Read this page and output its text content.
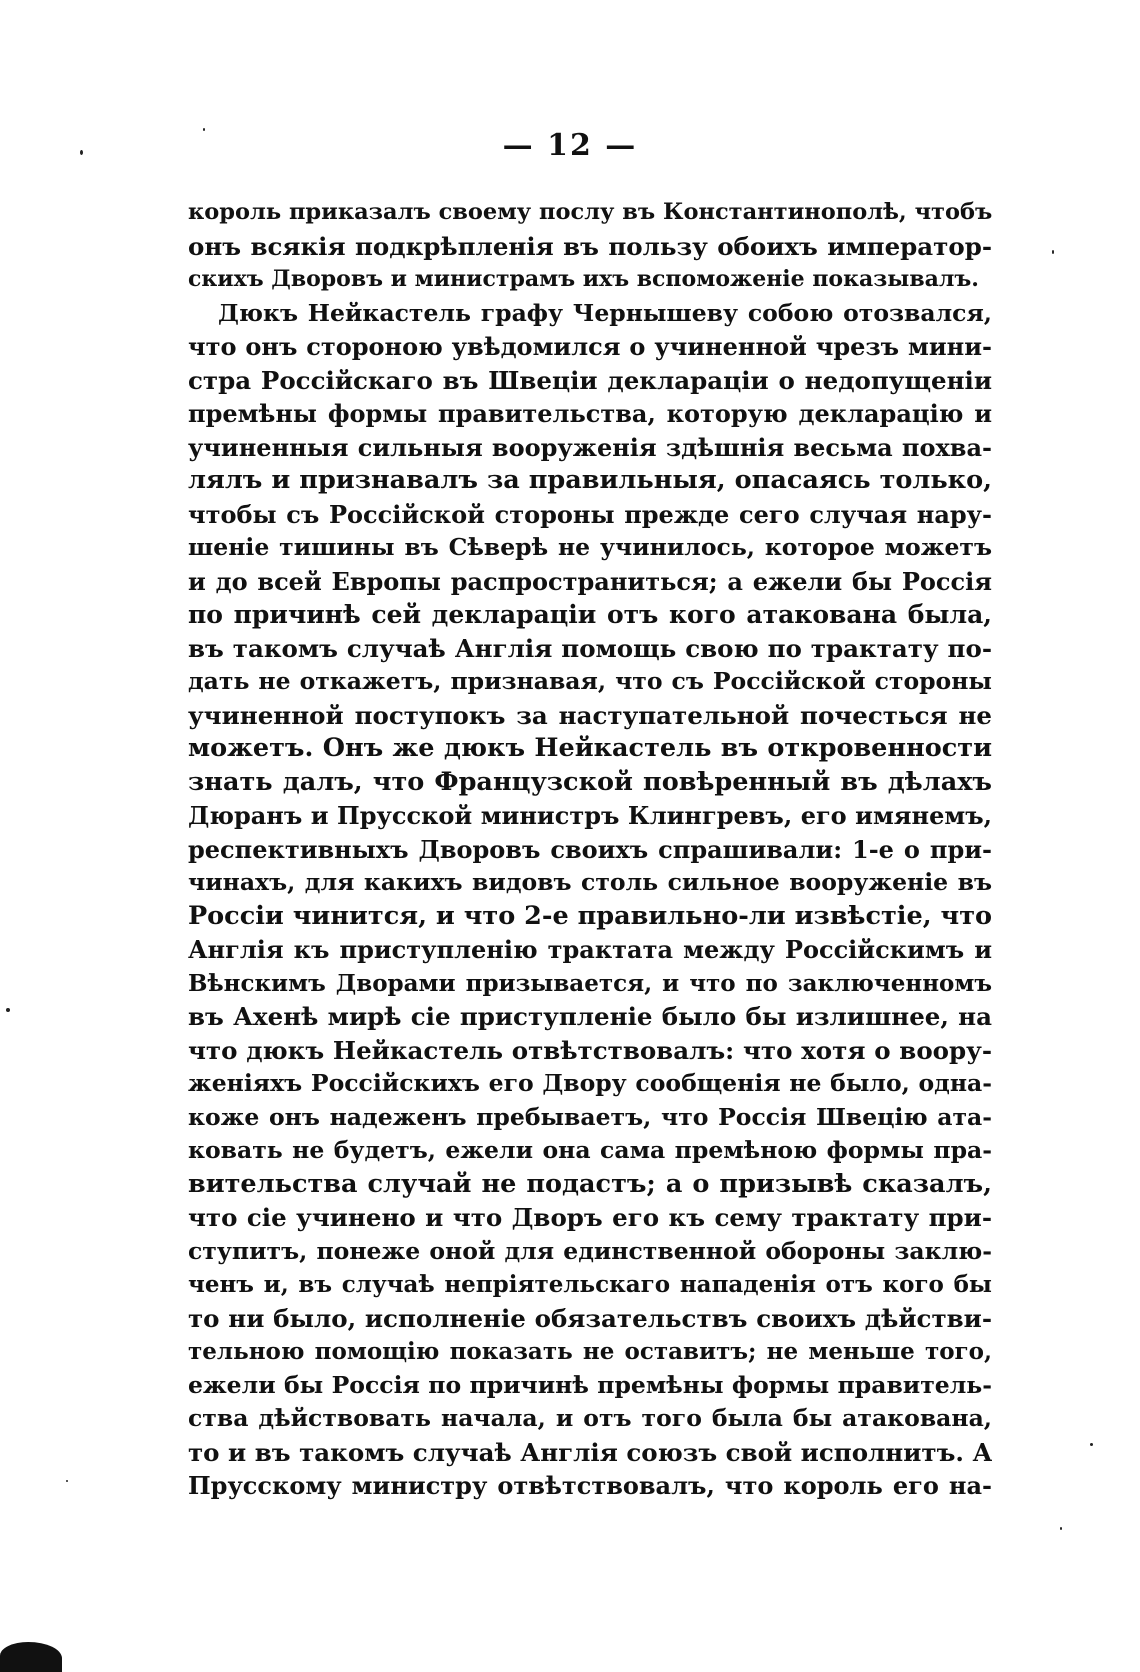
— 12 —
король приказалъ своему послу въ Константинополѣ, чтобъ
онъ всякія подкрѣпленія въ пользу обоихъ император-
скихъ Дворовъ и министрамъ ихъ вспоможеніе показывалъ.
Дюкъ Нейкастель графу Чернышеву собою отозвался,
что онъ стороною увѣдомился о учиненной чрезъ мини-
стра Россійскаго въ Швеціи деклараціи о недопущеніи
премѣны формы правительства, которую декларацію и
учиненныя сильныя вооруженія здѣшнія весьма похва-
лялъ и признавалъ за правильныя, опасаясь только,
чтобы съ Россійской стороны прежде сего случая нару-
шеніе тишины въ Сѣверѣ не учинилось, которое можетъ
и до всей Европы распространиться; а ежели бы Россія
по причинѣ сей деклараціи отъ кого атакована была,
въ такомъ случаѣ Англія помощь свою по трактату по-
дать не откажетъ, признавая, что съ Россійской стороны
учиненной поступокъ за наступательной почесться не
можетъ. Онъ же дюкъ Нейкастель въ откровенности
знать далъ, что Французской повѣренный въ дѣлахъ
Дюранъ и Прусской министръ Клингревъ, его имянемъ,
респективныхъ Дворовъ своихъ спрашивали: 1-е о при-
чинахъ, для какихъ видовъ столь сильное вооруженіе въ
Россіи чинится, и что 2-е правильно-ли извѣстіе, что
Англія къ приступленію трактата между Россійскимъ и
Вѣнскимъ Дворами призывается, и что по заключенномъ
въ Ахенѣ мирѣ сіе приступленіе было бы излишнее, на
что дюкъ Нейкастель отвѣтствовалъ: что хотя о воору-
женіяхъ Россійскихъ его Двору сообщенія не было, одна-
коже онъ надеженъ пребываетъ, что Россія Швецію ата-
ковать не будетъ, ежели она сама премѣною формы пра-
вительства случай не подастъ; а о призывѣ сказалъ,
что сіе учинено и что Дворъ его къ сему трактату при-
ступитъ, понеже оной для единственной обороны заклю-
ченъ и, въ случаѣ непріятельскаго нападенія отъ кого бы
то ни было, исполненіе обязательствъ своихъ дѣйстви-
тельною помощію показать не оставитъ; не меньше того,
ежели бы Россія по причинѣ премѣны формы правитель-
ства дѣйствовать начала, и отъ того была бы атакована,
то и въ такомъ случаѣ Англія союзъ свой исполнитъ. А
Прусскому министру отвѣтствовалъ, что король его на-
